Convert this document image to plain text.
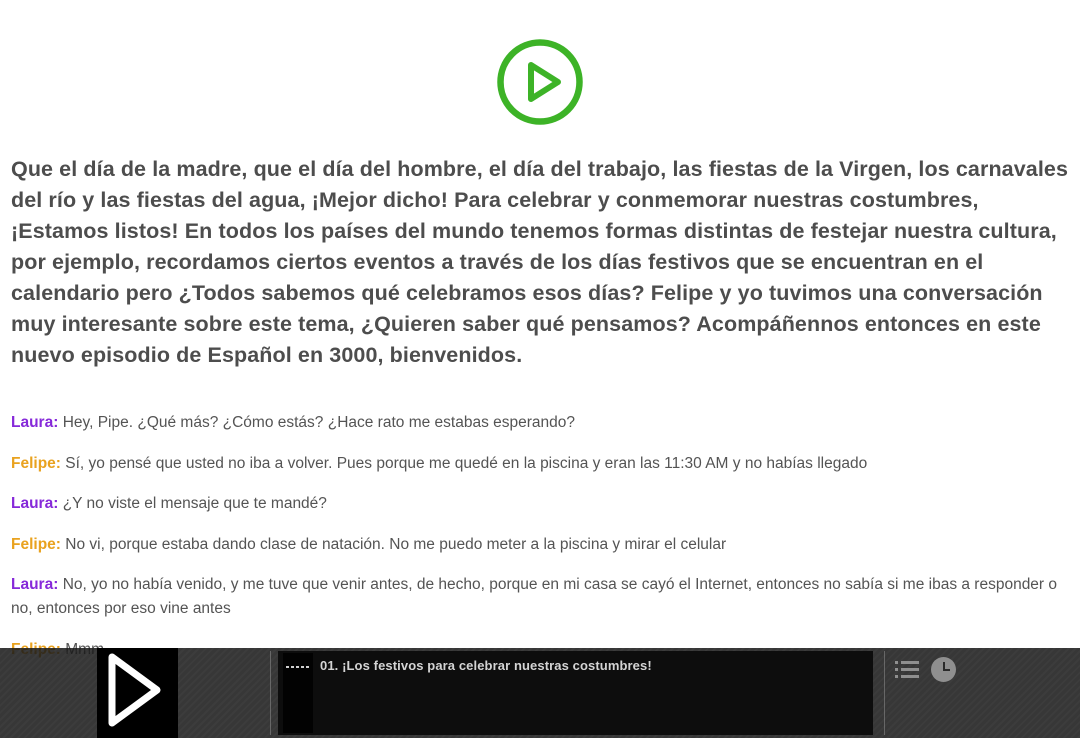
Que el día de la madre, que el día del hombre, el día del trabajo, las fiestas de la Virgen, los carnavales del río y las fiestas del agua, ¡Mejor dicho! Para celebrar y conmemorar nuestras costumbres, ¡Estamos listos! En todos los países del mundo tenemos formas distintas de festejar nuestra cultura, por ejemplo, recordamos ciertos eventos a través de los días festivos que se encuentran en el calendario pero ¿Todos sabemos qué celebramos esos días? Felipe y yo tuvimos una conversación muy interesante sobre este tema, ¿Quieren saber qué pensamos? Acompáñennos entonces en este nuevo episodio de Español en 3000, bienvenidos.

Laura: Hey, Pipe. ¿Qué más? ¿Cómo estás? ¿Hace rato me estabas esperando?

Felipe: Sí, yo pensé que usted no iba a volver. Pues porque me quedé en la piscina y eran las 11:30 AM y no habías llegado

Laura: ¿Y no viste el mensaje que te mandé?

Felipe: No vi, porque estaba dando clase de natación. No me puedo meter a la piscina y mirar el celular

Laura: No, yo no había venido, y me tuve que venir antes, de hecho, porque en mi casa se cayó el Internet, entonces no sabía si me ibas a responder o no, entonces por eso vine antes

01. ¡Los festivos para celebrar nuestras costumbres!
